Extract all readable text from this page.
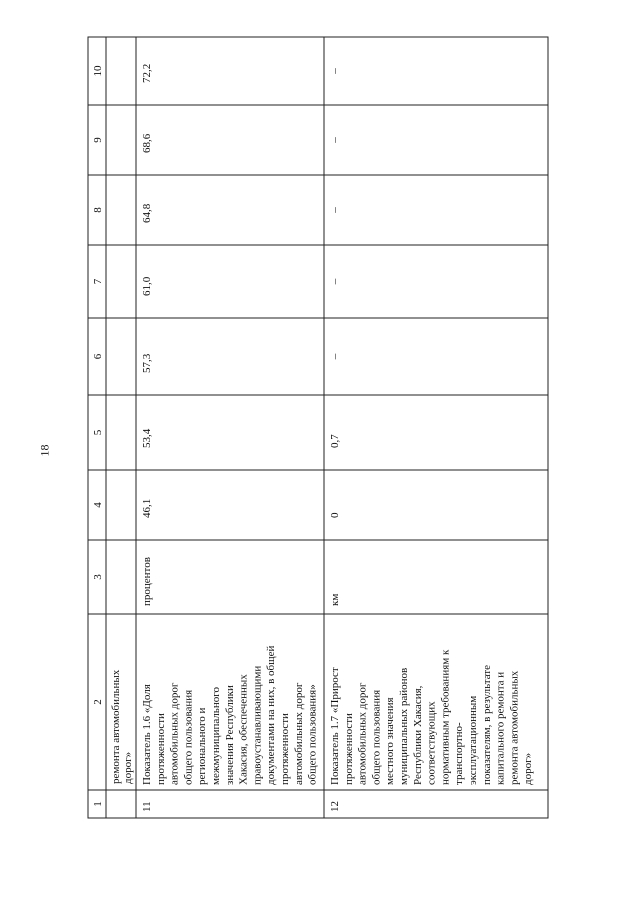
18
1
2
3
4
5
6
7
8
9
10
ремонта автомобильных дорог»
11
Показатель 1.6 «Доля протяженности автомобильных дорог общего пользования регионального и межмуниципального значения Республики Хакасия, обеспеченных правоустанавливающими документами на них, в общей протяженности автомобильных дорог общего пользования»
процентов
46,1
53,4
57,3
61,0
64,8
68,6
72,2
12
Показатель 1.7 «Прирост протяженности автомобильных дорог общего пользования местного значения муниципальных районов Республики Хакасия, соответствующих нормативным требованиям к транспортно- эксплуатационным показателям, в результате капитального ремонта и ремонта автомобильных дорог»
км
0
0,7
–
–
–
–
–
